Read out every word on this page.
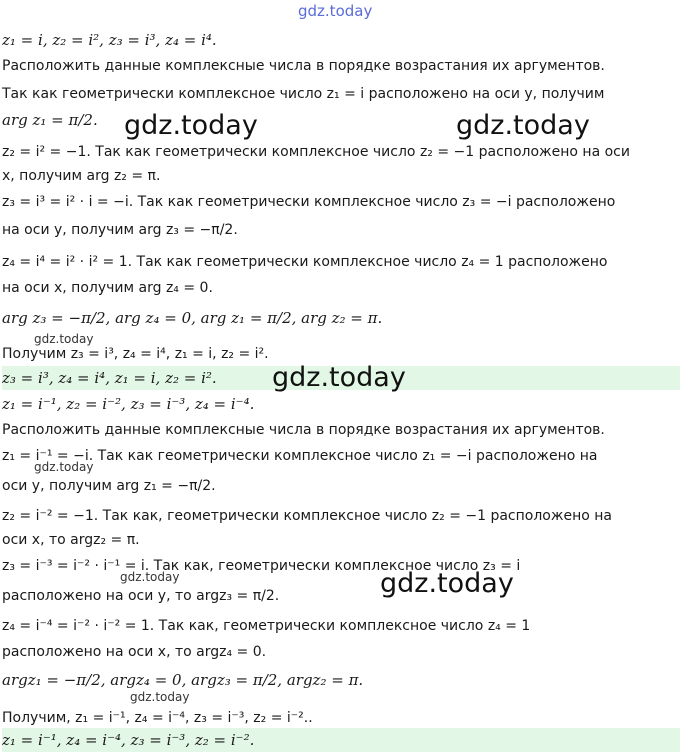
gdz.today
z₁ = i, z₂ = i², z₃ = i³, z₄ = i⁴.
Расположить данные комплексные числа в порядке возрастания их аргументов.
Так как геометрически комплексное число z₁ = i расположено на оси y, получим
arg z₁ = π/2.
z₂ = i² = −1. Так как геометрически комплексное число z₂ = −1 расположено на оси
x, получим arg z₂ = π.
z₃ = i³ = i² · i = −i. Так как геометрически комплексное число z₃ = −i расположено
на оси y, получим arg z₃ = −π/2.
z₄ = i⁴ = i² · i² = 1. Так как геометрически комплексное число z₄ = 1 расположено
на оси x, получим arg z₄ = 0.
arg z₃ = −π/2, arg z₄ = 0, arg z₁ = π/2, arg z₂ = π.
Получим z₃ = i³, z₄ = i⁴, z₁ = i, z₂ = i².
z₃ = i³, z₄ = i⁴, z₁ = i, z₂ = i².
z₁ = i⁻¹, z₂ = i⁻², z₃ = i⁻³, z₄ = i⁻⁴.
Расположить данные комплексные числа в порядке возрастания их аргументов.
z₁ = i⁻¹ = −i. Так как геометрически комплексное число z₁ = −i расположено на
оси y, получим arg z₁ = −π/2.
z₂ = i⁻² = −1. Так как, геометрически комплексное число z₂ = −1 расположено на
оси x, то argz₂ = π.
z₃ = i⁻³ = i⁻² · i⁻¹ = i. Так как, геометрически комплексное число z₃ = i
расположено на оси y, то argz₃ = π/2.
z₄ = i⁻⁴ = i⁻² · i⁻² = 1. Так как, геометрически комплексное число z₄ = 1
расположено на оси x, то argz₄ = 0.
argz₁ = −π/2, argz₄ = 0, argz₃ = π/2, argz₂ = π.
Получим, z₁ = i⁻¹, z₄ = i⁻⁴, z₃ = i⁻³, z₂ = i⁻²..
z₁ = i⁻¹, z₄ = i⁻⁴, z₃ = i⁻³, z₂ = i⁻².
gdz.today	gdz.today
gdz.today
gdz.today
gdz.today
gdz.today	gdz.today
gdz.today
